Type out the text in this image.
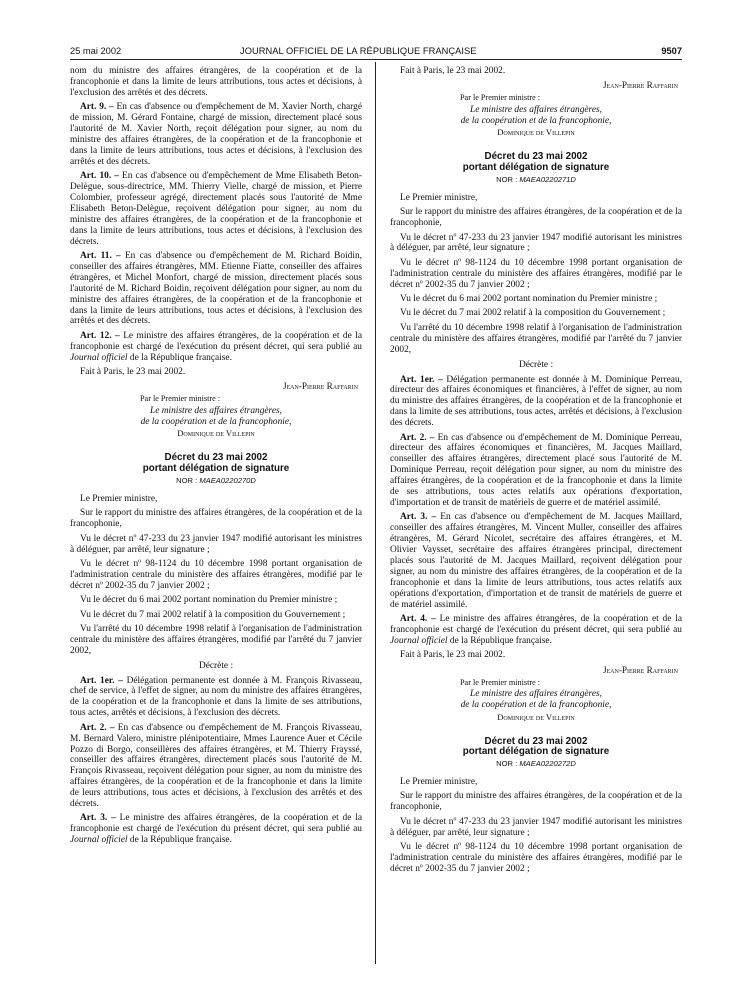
25 mai 2002	JOURNAL OFFICIEL DE LA RÉPUBLIQUE FRANÇAISE	9507

nom du ministre des affaires étrangères, de la coopération et de la francophonie et dans la limite de leurs attributions, tous actes et décisions, à l'exclusion des arrêtés et des décrets.

Art. 9. – En cas d'absence ou d'empêchement de M. Xavier North, chargé de mission, M. Gérard Fontaine, chargé de mission, directement placé sous l'autorité de M. Xavier North, reçoit délégation pour signer, au nom du ministre des affaires étrangères, de la coopération et de la francophonie et dans la limite de leurs attributions, tous actes et décisions, à l'exclusion des arrêtés et des décrets.

Art. 10. – En cas d'absence ou d'empêchement de Mme Elisabeth Beton-Delègue, sous-directrice, MM. Thierry Vielle, chargé de mission, et Pierre Colombier, professeur agrégé, directement placés sous l'autorité de Mme Elisabeth Beton-Delègue, reçoivent délégation pour signer, au nom du ministre des affaires étrangères, de la coopération et de la francophonie et dans la limite de leurs attributions, tous actes et décisions, à l'exclusion des décrets.

Art. 11. – En cas d'absence ou d'empêchement de M. Richard Boidin, conseiller des affaires étrangères, MM. Etienne Fiatte, conseiller des affaires étrangères, et Michel Monfort, chargé de mission, directement placés sous l'autorité de M. Richard Boidin, reçoivent délégation pour signer, au nom du ministre des affaires étrangères, de la coopération et de la francophonie et dans la limite de leurs attributions, tous actes et décisions, à l'exclusion des arrêtés et des décrets.

Art. 12. – Le ministre des affaires étrangères, de la coopération et de la francophonie est chargé de l'exécution du présent décret, qui sera publié au Journal officiel de la République française.

Fait à Paris, le 23 mai 2002.

Jean-Pierre Raffarin
Par le Premier ministre :
Le ministre des affaires étrangères,
de la coopération et de la francophonie,
Dominique de Villepin
Décret du 23 mai 2002
portant délégation de signature
NOR : MAEA0220270D

Le Premier ministre,

Sur le rapport du ministre des affaires étrangères, de la coopération et de la francophonie,

Vu le décret nº 47-233 du 23 janvier 1947 modifié autorisant les ministres à déléguer, par arrêté, leur signature ;

Vu le décret nº 98-1124 du 10 décembre 1998 portant organisation de l'administration centrale du ministère des affaires étrangères, modifié par le décret nº 2002-35 du 7 janvier 2002 ;

Vu le décret du 6 mai 2002 portant nomination du Premier ministre ;

Vu le décret du 7 mai 2002 relatif à la composition du Gouvernement ;

Vu l'arrêté du 10 décembre 1998 relatif à l'organisation de l'administration centrale du ministère des affaires étrangères, modifié par l'arrêté du 7 janvier 2002,

Décrète :

Art. 1er. – Délégation permanente est donnée à M. François Rivasseau, chef de service, à l'effet de signer, au nom du ministre des affaires étrangères, de la coopération et de la francophonie et dans la limite de ses attributions, tous actes, arrêtés et décisions, à l'exclusion des décrets.

Art. 2. – En cas d'absence ou d'empêchement de M. François Rivasseau, M. Bernard Valero, ministre plénipotentiaire, Mmes Laurence Auer et Cécile Pozzo di Borgo, conseillères des affaires étrangères, et M. Thierry Frayssé, conseiller des affaires étrangères, directement placés sous l'autorité de M. François Rivasseau, reçoivent délégation pour signer, au nom du ministre des affaires étrangères, de la coopération et de la francophonie et dans la limite de leurs attributions, tous actes et décisions, à l'exclusion des arrêtés et des décrets.

Art. 3. – Le ministre des affaires étrangères, de la coopération et de la francophonie est chargé de l'exécution du présent décret, qui sera publié au Journal officiel de la République française.

Fait à Paris, le 23 mai 2002.

Jean-Pierre Raffarin
Par le Premier ministre :
Le ministre des affaires étrangères,
de la coopération et de la francophonie,
Dominique de Villepin
Décret du 23 mai 2002
portant délégation de signature
NOR : MAEA0220271D

Le Premier ministre,

Sur le rapport du ministre des affaires étrangères, de la coopération et de la francophonie,

Vu le décret nº 47-233 du 23 janvier 1947 modifié autorisant les ministres à déléguer, par arrêté, leur signature ;

Vu le décret nº 98-1124 du 10 décembre 1998 portant organisation de l'administration centrale du ministère des affaires étrangères, modifié par le décret nº 2002-35 du 7 janvier 2002 ;

Vu le décret du 6 mai 2002 portant nomination du Premier ministre ;

Vu le décret du 7 mai 2002 relatif à la composition du Gouvernement ;

Vu l'arrêté du 10 décembre 1998 relatif à l'organisation de l'administration centrale du ministère des affaires étrangères, modifié par l'arrêté du 7 janvier 2002,

Décrète :

Art. 1er. – Délégation permanente est donnée à M. Dominique Perreau, directeur des affaires économiques et financières, à l'effet de signer, au nom du ministre des affaires étrangères, de la coopération et de la francophonie et dans la limite de ses attributions, tous actes, arrêtés et décisions, à l'exclusion des décrets.

Art. 2. – En cas d'absence ou d'empêchement de M. Dominique Perreau, directeur des affaires économiques et financières, M. Jacques Maillard, conseiller des affaires étrangères, directement placé sous l'autorité de M. Dominique Perreau, reçoit délégation pour signer, au nom du ministre des affaires étrangères, de la coopération et de la francophonie et dans la limite de ses attributions, tous actes relatifs aux opérations d'exportation, d'importation et de transit de matériels de guerre et de matériel assimilé.

Art. 3. – En cas d'absence ou d'empêchement de M. Jacques Maillard, conseiller des affaires étrangères, M. Vincent Muller, conseiller des affaires étrangères, M. Gérard Nicolet, secrétaire des affaires étrangères, et M. Olivier Vaysset, secrétaire des affaires étrangères principal, directement placés sous l'autorité de M. Jacques Maillard, reçoivent délégation pour signer, au nom du ministre des affaires étrangères, de la coopération et de la francophonie et dans la limite de leurs attributions, tous actes relatifs aux opérations d'exportation, d'importation et de transit de matériels de guerre et de matériel assimilé.

Art. 4. – Le ministre des affaires étrangères, de la coopération et de la francophonie est chargé de l'exécution du présent décret, qui sera publié au Journal officiel de la République française.

Fait à Paris, le 23 mai 2002.

Jean-Pierre Raffarin
Par le Premier ministre :
Le ministre des affaires étrangères,
de la coopération et de la francophonie,
Dominique de Villepin
Décret du 23 mai 2002
portant délégation de signature
NOR : MAEA0220272D

Le Premier ministre,

Sur le rapport du ministre des affaires étrangères, de la coopération et de la francophonie,

Vu le décret nº 47-233 du 23 janvier 1947 modifié autorisant les ministres à déléguer, par arrêté, leur signature ;

Vu le décret nº 98-1124 du 10 décembre 1998 portant organisation de l'administration centrale du ministère des affaires étrangères, modifié par le décret nº 2002-35 du 7 janvier 2002 ;
